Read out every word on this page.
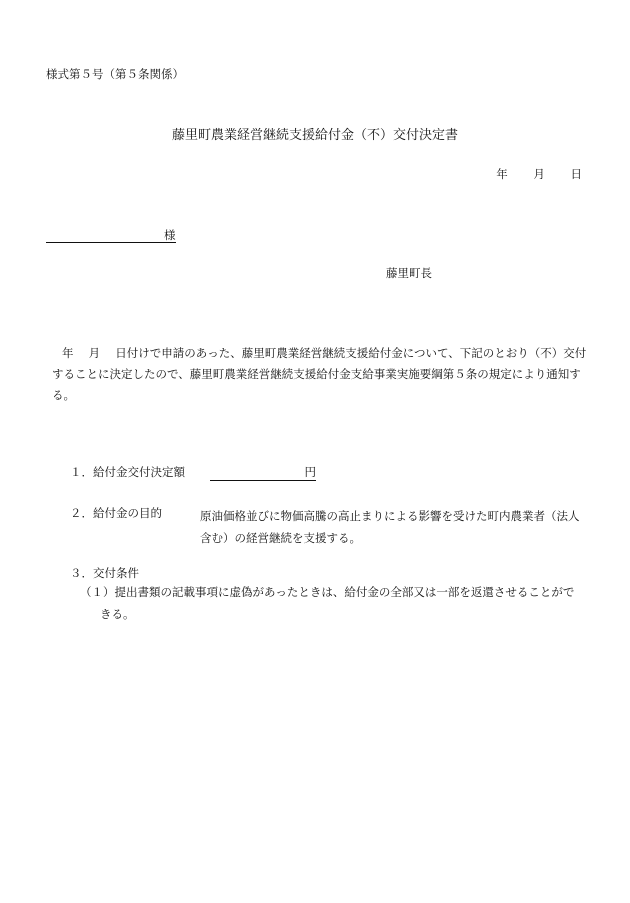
様式第５号（第５条関係）
藤里町農業経営継続支援給付金（不）交付決定書
年 月 日
様
藤里町長
年　 月 　日付けで申請のあった、藤里町農業経営継続支援給付金について、下記のとおり（不）交付することに決定したので、藤里町農業経営継続支援給付金支給事業実施要綱第５条の規定により通知する。
１．給付金交付決定額	円
２．給付金の目的	原油価格並びに物価高騰の高止まりによる影響を受けた町内農業者（法人含む）の経営継続を支援する。
３．交付条件
（１）提出書類の記載事項に虚偽があったときは、給付金の全部又は一部を返還させることがで
きる。
